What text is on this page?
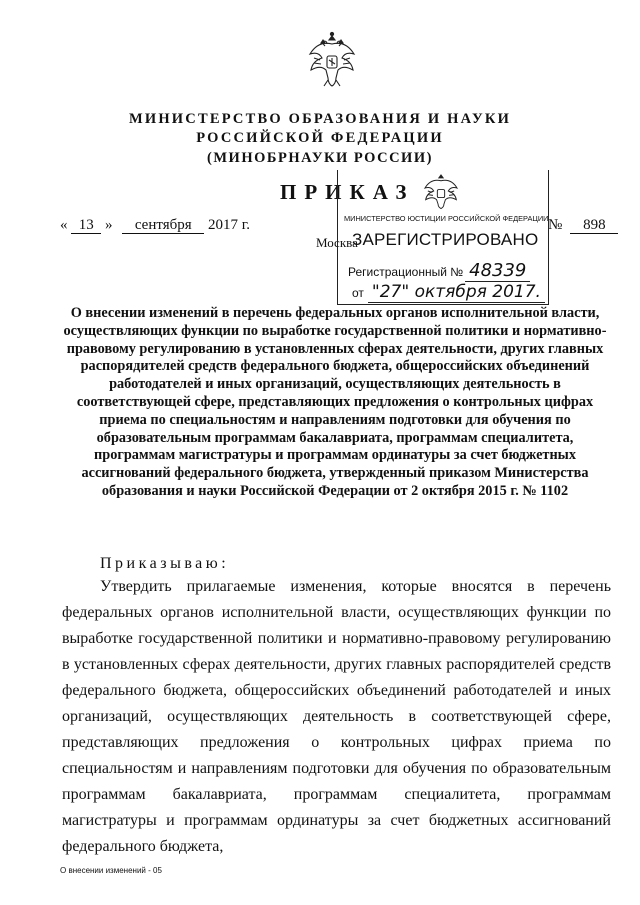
МИНИСТЕРСТВО ОБРАЗОВАНИЯ И НАУКИ
РОССИЙСКОЙ ФЕДЕРАЦИИ
(МИНОБРНАУКИ РОССИИ)
ПРИКАЗ
« 13 » сентября 2017 г.	№ 898
Москва
МИНИСТЕРСТВО ЮСТИЦИИ РОССИЙСКОЙ ФЕДЕРАЦИИ
ЗАРЕГИСТРИРОВАНО
Регистрационный № 48339
от "27" октября 2017.
О внесении изменений в перечень федеральных органов исполнительной власти, осуществляющих функции по выработке государственной политики и нормативно-правовому регулированию в установленных сферах деятельности, других главных распорядителей средств федерального бюджета, общероссийских объединений работодателей и иных организаций, осуществляющих деятельность в соответствующей сфере, представляющих предложения о контрольных цифрах приема по специальностям и направлениям подготовки для обучения по образовательным программам бакалавриата, программам специалитета, программам магистратуры и программам ординатуры за счет бюджетных ассигнований федерального бюджета, утвержденный приказом Министерства образования и науки Российской Федерации от 2 октября 2015 г. № 1102
Приказываю:

Утвердить прилагаемые изменения, которые вносятся в перечень федеральных органов исполнительной власти, осуществляющих функции по выработке государственной политики и нормативно-правовому регулированию в установленных сферах деятельности, других главных распорядителей средств федерального бюджета, общероссийских объединений работодателей и иных организаций, осуществляющих деятельность в соответствующей сфере, представляющих предложения о контрольных цифрах приема по специальностям и направлениям подготовки для обучения по образовательным программам бакалавриата, программам специалитета, программам магистратуры и программам ординатуры за счет бюджетных ассигнований федерального бюджета,

О внесении изменений - 05
